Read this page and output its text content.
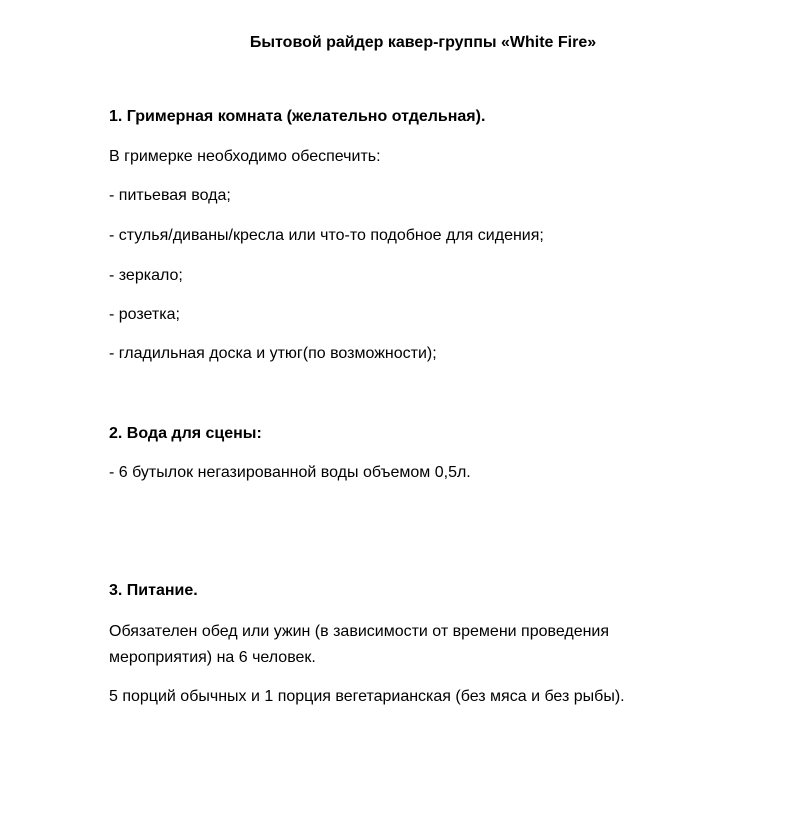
Бытовой райдер кавер-группы «White Fire»
1. Гримерная комната (желательно отдельная).
В гримерке необходимо обеспечить:
- питьевая вода;
- стулья/диваны/кресла или что-то подобное для сидения;
- зеркало;
- розетка;
- гладильная доска и утюг(по возможности);
2. Вода для сцены:
- 6 бутылок негазированной воды объемом 0,5л.
3. Питание.
Обязателен обед или ужин (в зависимости от времени проведения мероприятия) на 6 человек.
5 порций обычных и 1 порция вегетарианская (без мяса и без рыбы).
